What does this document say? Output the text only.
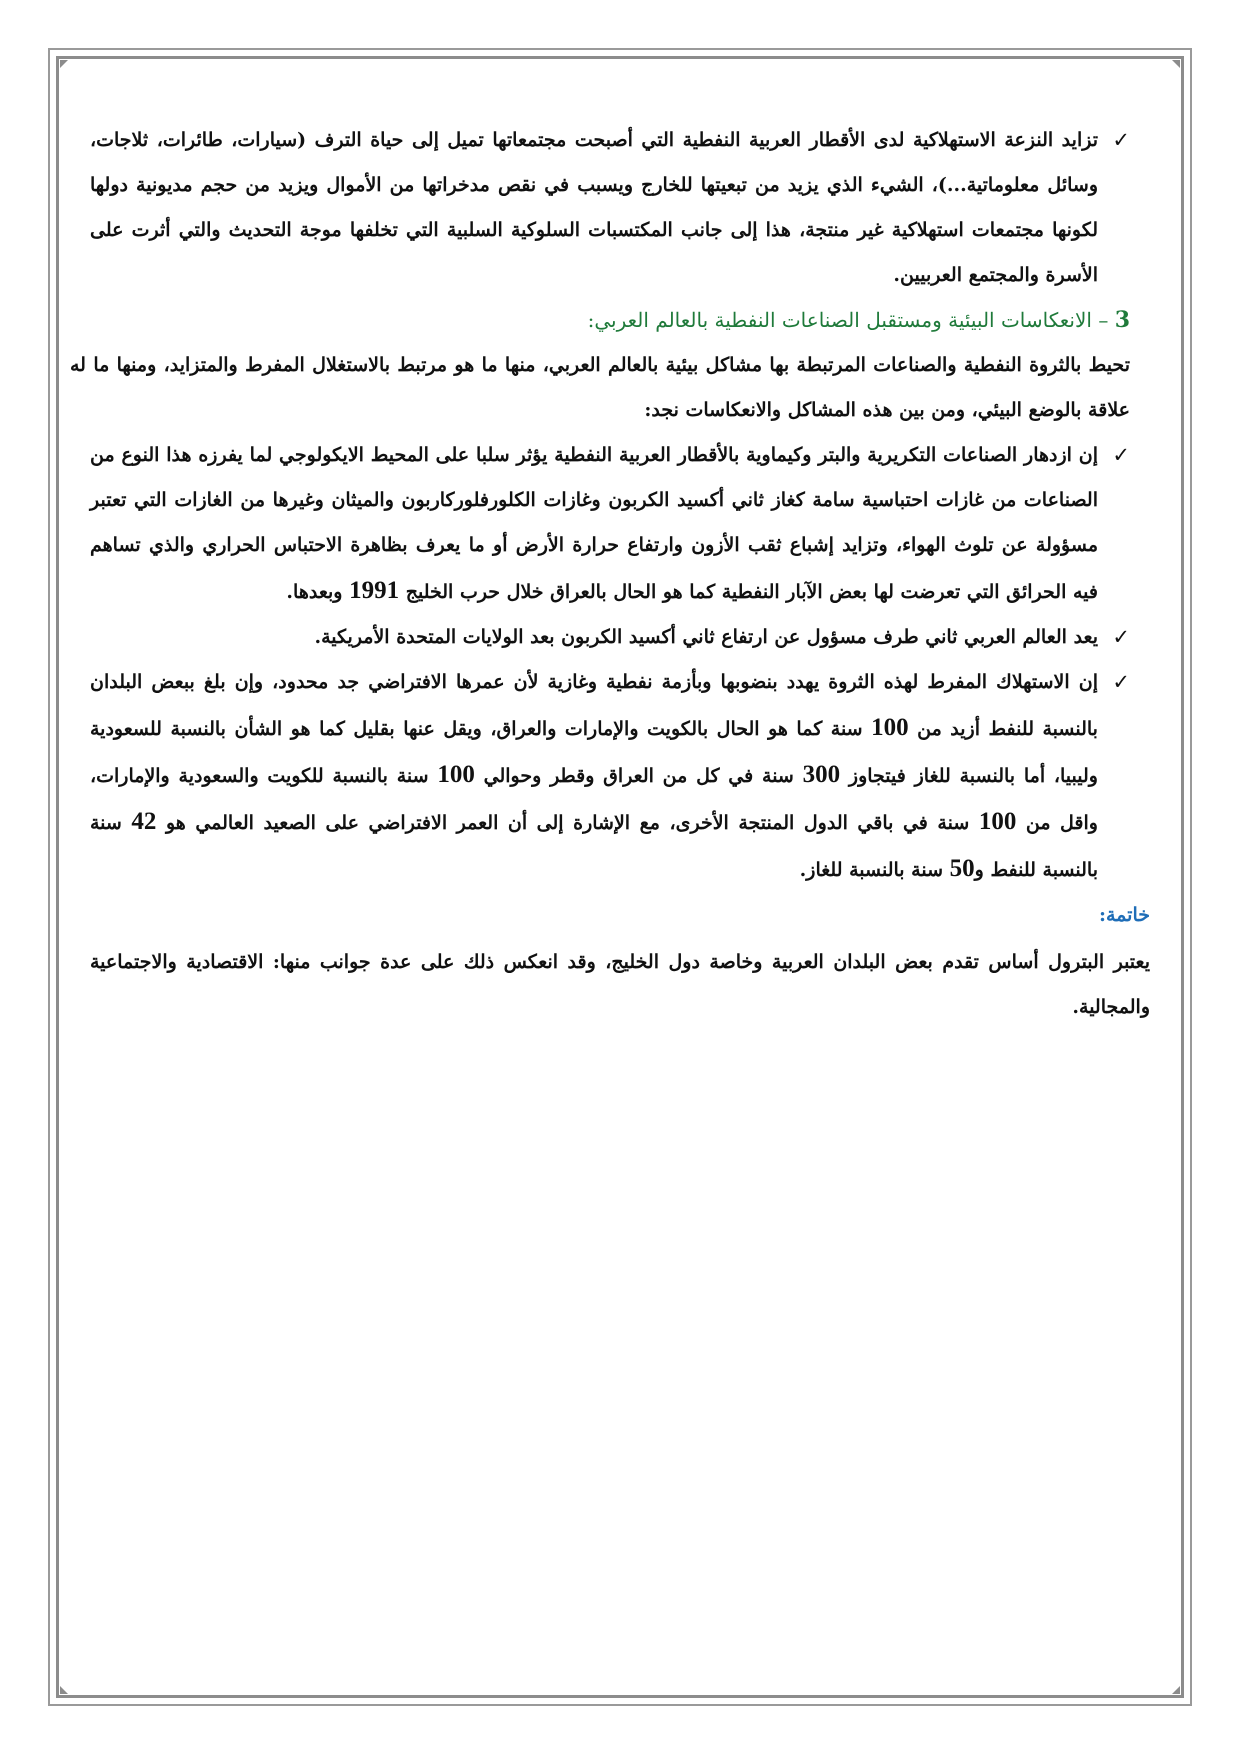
✓
تزايد النزعة الاستهلاكية لدى الأقطار العربية النفطية التي أصبحت مجتمعاتها تميل إلى حياة الترف (سيارات، طائرات، ثلاجات، وسائل معلوماتية...)، الشيء الذي يزيد من تبعيتها للخارج ويسبب في نقص مدخراتها من الأموال ويزيد من حجم مديونية دولها لكونها مجتمعات استهلاكية غير منتجة، هذا إلى جانب المكتسبات السلوكية السلبية التي تخلفها موجة التحديث والتي أثرت على الأسرة والمجتمع العربيين.

3 – الانعكاسات البيئية ومستقبل الصناعات النفطية بالعالم العربي:

تحيط بالثروة النفطية والصناعات المرتبطة بها مشاكل بيئية بالعالم العربي، منها ما هو مرتبط بالاستغلال المفرط والمتزايد، ومنها ما له علاقة بالوضع البيئي، ومن بين هذه المشاكل والانعكاسات نجد:

✓
إن ازدهار الصناعات التكريرية والبتر وكيماوية بالأقطار العربية النفطية يؤثر سلبا على المحيط الايكولوجي لما يفرزه هذا النوع من الصناعات من غازات احتباسية سامة كغاز ثاني أكسيد الكربون وغازات الكلورفلوركاربون والميثان وغيرها من الغازات التي تعتبر مسؤولة عن تلوث الهواء، وتزايد إشباع ثقب الأزون وارتفاع حرارة الأرض أو ما يعرف بظاهرة الاحتباس الحراري والذي تساهم فيه الحرائق التي تعرضت لها بعض الآبار النفطية كما هو الحال بالعراق خلال حرب الخليج 1991 وبعدها.

✓
يعد العالم العربي ثاني طرف مسؤول عن ارتفاع ثاني أكسيد الكربون بعد الولايات المتحدة الأمريكية.

✓
إن الاستهلاك المفرط لهذه الثروة يهدد بنضوبها وبأزمة نفطية وغازية لأن عمرها الافتراضي جد محدود، وإن بلغ ببعض البلدان بالنسبة للنفط أزيد من 100 سنة كما هو الحال بالكويت والإمارات والعراق، ويقل عنها بقليل كما هو الشأن بالنسبة للسعودية وليبيا، أما بالنسبة للغاز فيتجاوز 300 سنة في كل من العراق وقطر وحوالي 100 سنة بالنسبة للكويت والسعودية والإمارات، واقل من 100 سنة في باقي الدول المنتجة الأخرى، مع الإشارة إلى أن العمر الافتراضي على الصعيد العالمي هو 42 سنة بالنسبة للنفط و50 سنة بالنسبة للغاز.

خاتمة:

يعتبر البترول أساس تقدم بعض البلدان العربية وخاصة دول الخليج، وقد انعكس ذلك على عدة جوانب منها: الاقتصادية والاجتماعية والمجالية.
